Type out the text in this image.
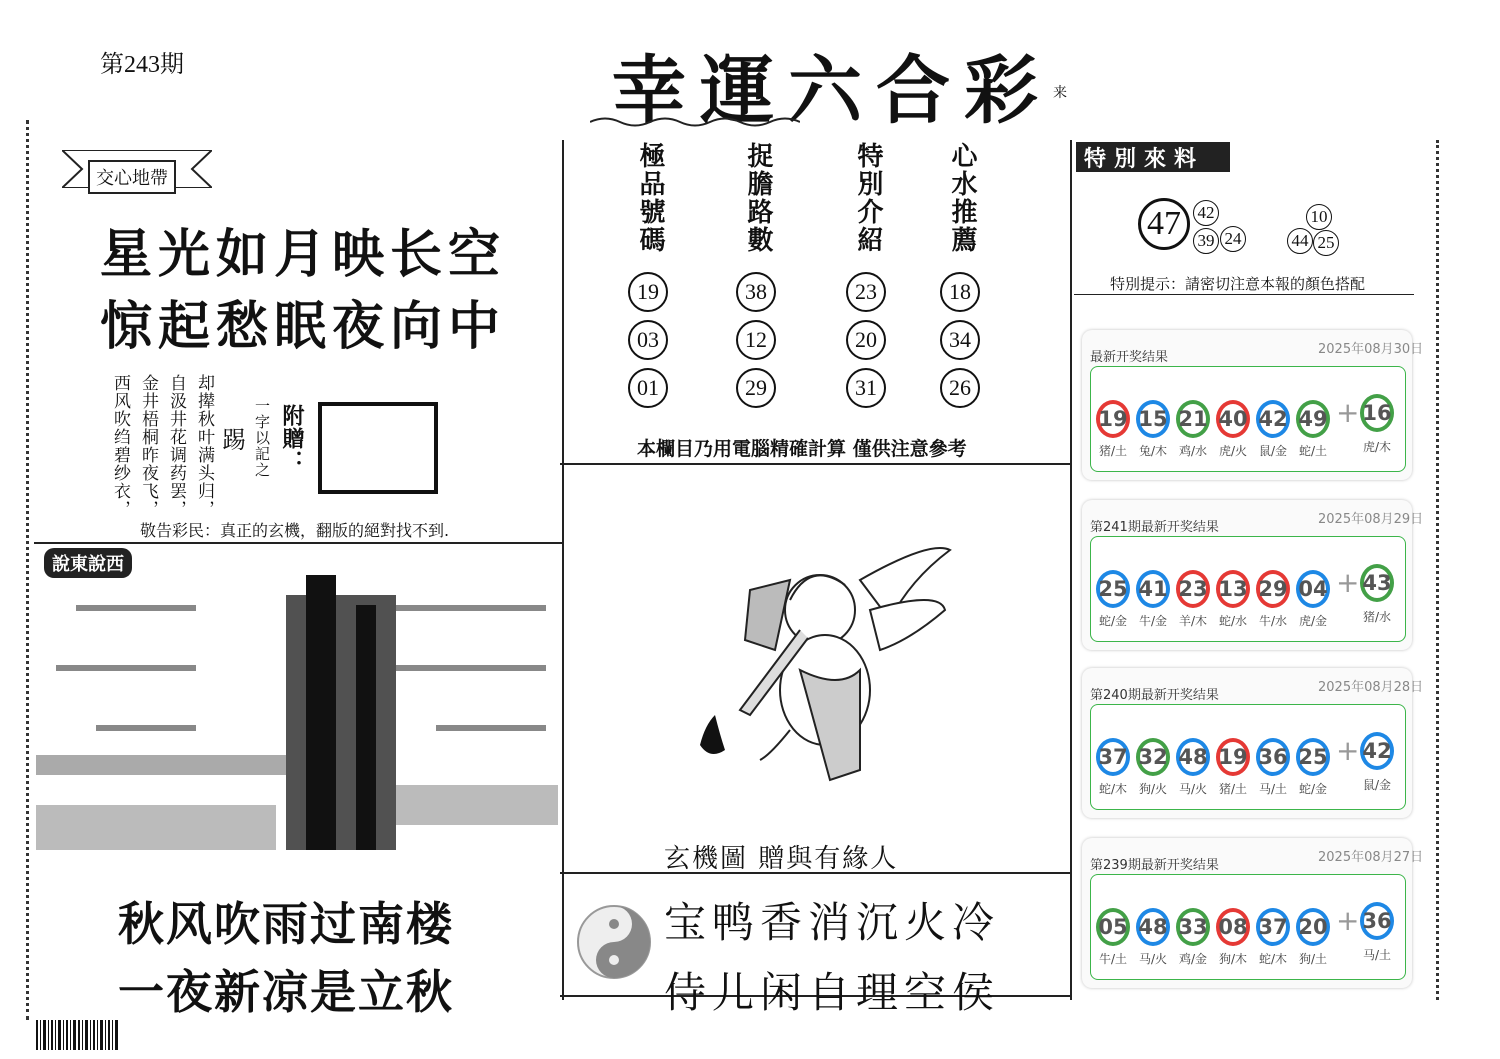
第243期	幸運六合彩 来
交心地帶
星光如月映长空
惊起愁眠夜向中
却撵秋叶满头归，
自汲井花调药罢，
金井梧桐昨夜飞，
西风吹绉碧纱衣，	踢 一字以記之 附贈：
敬告彩民：真正的玄機，翻版的絕對找不到.
說東說西
秋风吹雨过南楼
一夜新凉是立秋
極品號碼
19
03
01
捉膽路數
38
12
29
特別介紹
23
20
31
心水推薦
18
34
26
本欄目乃用電腦精確計算 僅供注意參考
玄機圖 贈與有緣人
宝鸭香消沉火冷
侍儿闲自理空侯
特別來料
47 42
39 24
10
44 25
特別提示：請密切注意本報的顏色搭配
最新开奖结果
2025年08月30日
19
猪/土
15
兔/木
21
鸡/水
40
虎/火
42
鼠/金
49
蛇/土
+ 16
虎/木
第241期最新开奖结果
2025年08月29日
25
蛇/金
41
牛/金
23
羊/木
13
蛇/水
29
牛/水
04
虎/金
+ 43
猪/水
第240期最新开奖结果
2025年08月28日
37
蛇/木
32
狗/火
48
马/火
19
猪/土
36
马/土
25
蛇/金
+ 42
鼠/金
第239期最新开奖结果
2025年08月27日
05
牛/土
48
马/火
33
鸡/金
08
狗/木
37
蛇/木
20
狗/土
+ 36
马/土
